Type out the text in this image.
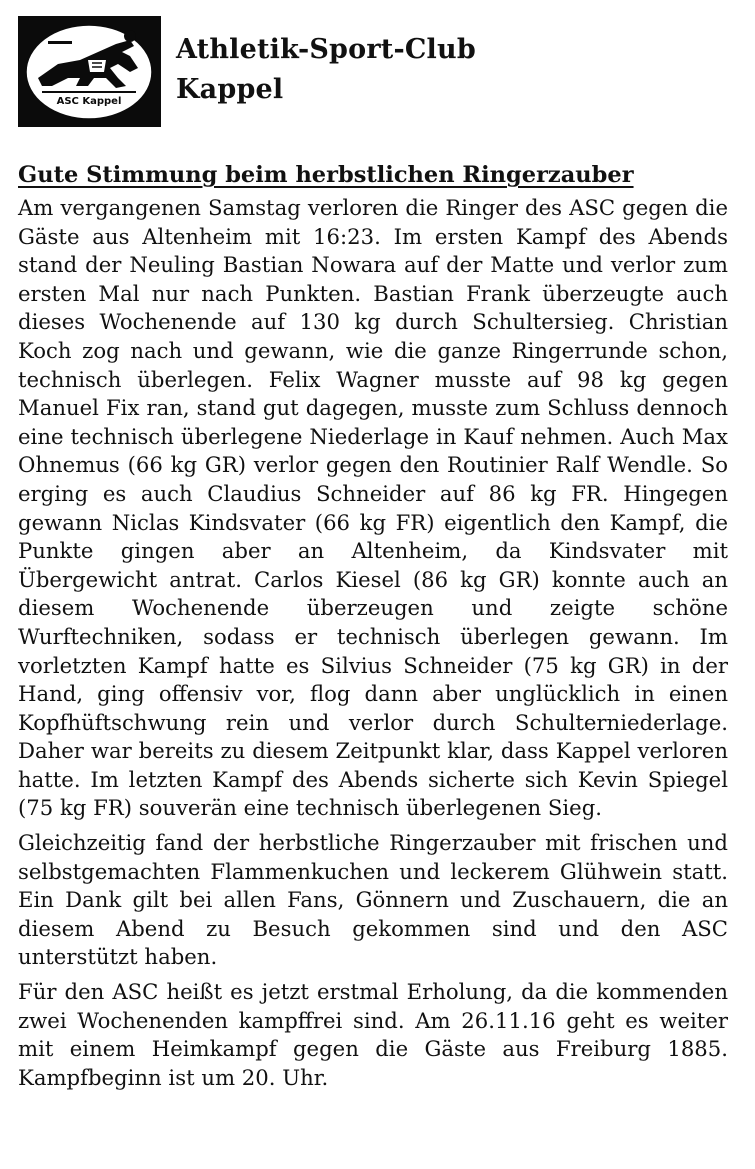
ASC Kappel
Athletik-Sport-Club
Kappel
Gute Stimmung beim herbstlichen Ringerzauber

Am vergangenen Samstag verloren die Ringer des ASC gegen die Gäste aus Altenheim mit 16:23. Im ersten Kampf des Abends stand der Neuling Bastian Nowara auf der Matte und verlor zum ersten Mal nur nach Punkten. Bastian Frank überzeugte auch dieses Wochenende auf 130 kg durch Schultersieg. Christian Koch zog nach und gewann, wie die ganze Ringerrunde schon, technisch überlegen. Felix Wagner musste auf 98 kg gegen Manuel Fix ran, stand gut dagegen, musste zum Schluss dennoch eine technisch überlegene Niederlage in Kauf nehmen. Auch Max Ohnemus (66 kg GR) verlor gegen den Routinier Ralf Wendle. So erging es auch Claudius Schneider auf 86 kg FR. Hingegen gewann Niclas Kindsvater (66 kg FR) eigentlich den Kampf, die Punkte gingen aber an Altenheim, da Kindsvater mit Übergewicht antrat. Carlos Kiesel (86 kg GR) konnte auch an diesem Wochenende überzeugen und zeigte schöne Wurftechniken, sodass er technisch überlegen gewann. Im vorletzten Kampf hatte es Silvius Schneider (75 kg GR) in der Hand, ging offensiv vor, flog dann aber unglücklich in einen Kopfhüftschwung rein und verlor durch Schulterniederlage. Daher war bereits zu diesem Zeitpunkt klar, dass Kappel verloren hatte. Im letzten Kampf des Abends sicherte sich Kevin Spiegel (75 kg FR) souverän eine technisch überlegenen Sieg.

Gleichzeitig fand der herbstliche Ringerzauber mit frischen und selbstgemachten Flammenkuchen und leckerem Glühwein statt. Ein Dank gilt bei allen Fans, Gönnern und Zuschauern, die an diesem Abend zu Besuch gekommen sind und den ASC unterstützt haben.

Für den ASC heißt es jetzt erstmal Erholung, da die kommenden zwei Wochenenden kampffrei sind. Am 26.11.16 geht es weiter mit einem Heimkampf gegen die Gäste aus Freiburg 1885. Kampfbeginn ist um 20. Uhr.
